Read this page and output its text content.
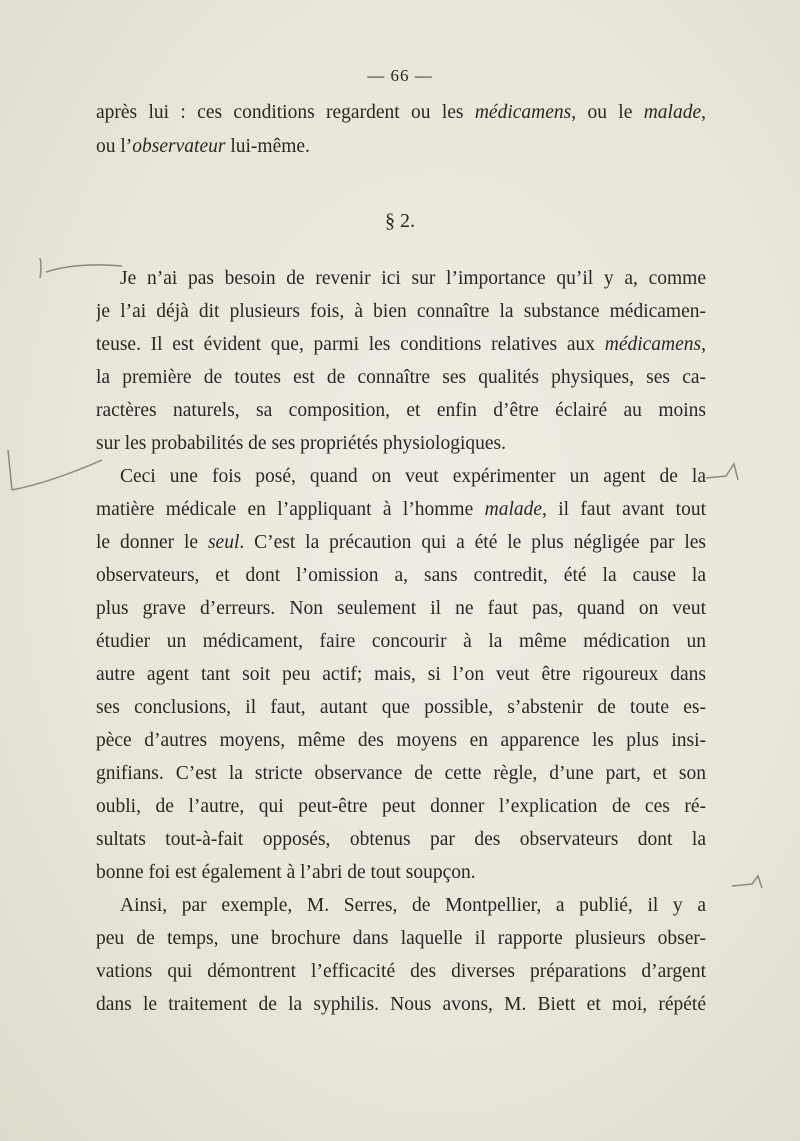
— 66 —
§ 2.
après lui : ces conditions regardent ou les médicamens, ou le malade,
ou l’observateur lui-même.
Je n’ai pas besoin de revenir ici sur l’importance qu’il y a, comme
je l’ai déjà dit plusieurs fois, à bien connaître la substance médicamen-
teuse. Il est évident que, parmi les conditions relatives aux médicamens,
la première de toutes est de connaître ses qualités physiques, ses ca-
ractères naturels, sa composition, et enfin d’être éclairé au moins
sur les probabilités de ses propriétés physiologiques.
Ceci une fois posé, quand on veut expérimenter un agent de la
matière médicale en l’appliquant à l’homme malade, il faut avant tout
le donner le seul. C’est la précaution qui a été le plus négligée par les
observateurs, et dont l’omission a, sans contredit, été la cause la
plus grave d’erreurs. Non seulement il ne faut pas, quand on veut
étudier un médicament, faire concourir à la même médication un
autre agent tant soit peu actif; mais, si l’on veut être rigoureux dans
ses conclusions, il faut, autant que possible, s’abstenir de toute es-
pèce d’autres moyens, même des moyens en apparence les plus insi-
gnifians. C’est la stricte observance de cette règle, d’une part, et son
oubli, de l’autre, qui peut-être peut donner l’explication de ces ré-
sultats tout-à-fait opposés, obtenus par des observateurs dont la
bonne foi est également à l’abri de tout soupçon.
Ainsi, par exemple, M. Serres, de Montpellier, a publié, il y a
peu de temps, une brochure dans laquelle il rapporte plusieurs obser-
vations qui démontrent l’efficacité des diverses préparations d’argent
dans le traitement de la syphilis. Nous avons, M. Biett et moi, répété
